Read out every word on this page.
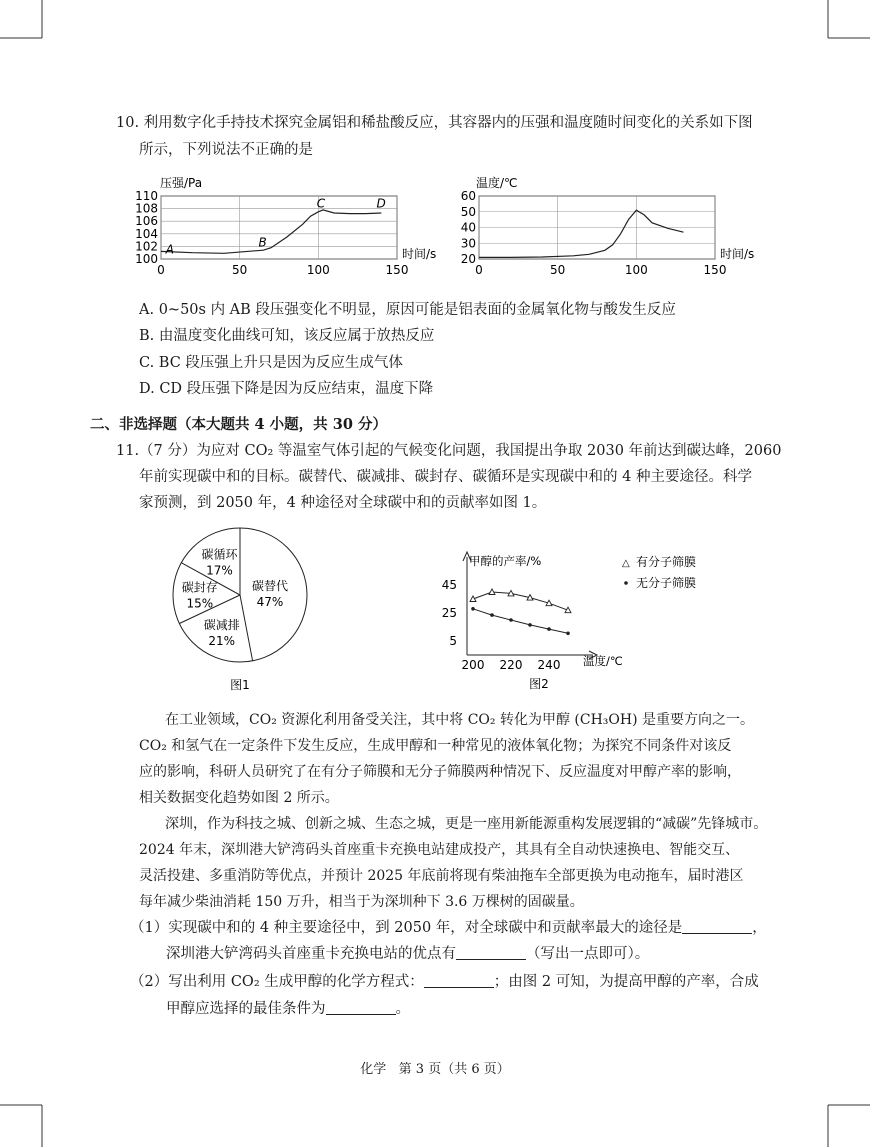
10. 利用数字化手持技术探究金属铝和稀盐酸反应，其容器内的压强和温度随时间变化的关系如下图
所示，下列说法不正确的是
压强/Pa
100
102
104
106
108
110
0	50	100	150
A	B
C	D
时间/s
温度/℃
20
30
40
50
60
0	50	100	150
时间/s
A. 0~50s 内 AB 段压强变化不明显，原因可能是铝表面的金属氧化物与酸发生反应
B. 由温度变化曲线可知，该反应属于放热反应
C. BC 段压强上升只是因为反应生成气体
D. CD 段压强下降是因为反应结束，温度下降
二、非选择题（本大题共 4 小题，共 30 分）
11.（7 分）为应对 CO₂ 等温室气体引起的气候变化问题，我国提出争取 2030 年前达到碳达峰，2060
年前实现碳中和的目标。碳替代、碳减排、碳封存、碳循环是实现碳中和的 4 种主要途径。科学
家预测，到 2050 年，4 种途径对全球碳中和的贡献率如图 1。
碳替代
47%
碳减排
21%
碳封存
15%
碳循环
17%
图1
甲醇的产率/%
温度/℃
5
25
45
200 220 240
△ 有分子筛膜
无分子筛膜
图2
在工业领域，CO₂ 资源化利用备受关注，其中将 CO₂ 转化为甲醇 (CH₃OH) 是重要方向之一。
CO₂ 和氢气在一定条件下发生反应，生成甲醇和一种常见的液体氧化物；为探究不同条件对该反
应的影响，科研人员研究了在有分子筛膜和无分子筛膜两种情况下、反应温度对甲醇产率的影响，
相关数据变化趋势如图 2 所示。
深圳，作为科技之城、创新之城、生态之城，更是一座用新能源重构发展逻辑的“减碳”先锋城市。
2024 年末，深圳港大铲湾码头首座重卡充换电站建成投产，其具有全自动快速换电、智能交互、
灵活投建、多重消防等优点，并预计 2025 年底前将现有柴油拖车全部更换为电动拖车，届时港区
每年减少柴油消耗 150 万升，相当于为深圳种下 3.6 万棵树的固碳量。
（1）实现碳中和的 4 种主要途径中，到 2050 年，对全球碳中和贡献率最大的途径是	，
深圳港大铲湾码头首座重卡充换电站的优点有	（写出一点即可）。
（2）写出利用 CO₂ 生成甲醇的化学方程式：	；由图 2 可知，为提高甲醇的产率，合成
甲醇应选择的最佳条件为	。
化学   第 3 页（共 6 页）
